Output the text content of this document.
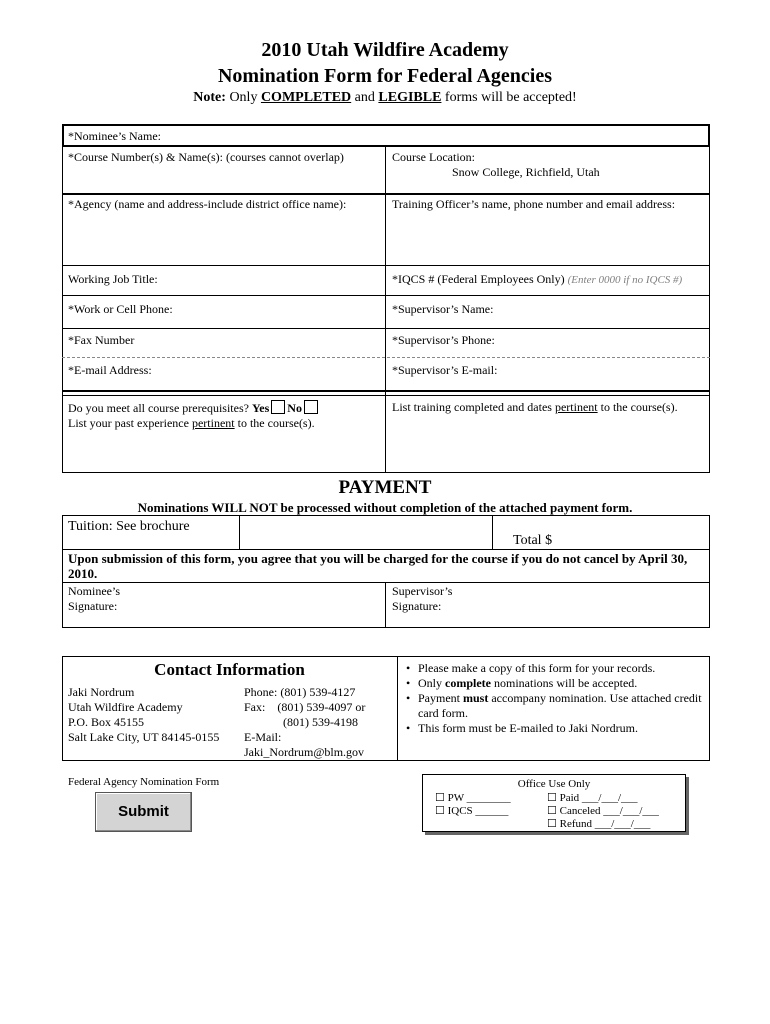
2010 Utah Wildfire Academy
Nomination Form for Federal Agencies
Note: Only COMPLETED and LEGIBLE forms will be accepted!
*Nominee’s Name:
*Course Number(s) & Name(s): (courses cannot overlap)	Course Location:
Snow College, Richfield, Utah
*Agency (name and address-include district office name):	Training Officer’s name, phone number and email address:
Working Job Title:	*IQCS # (Federal Employees Only) (Enter 0000 if no IQCS #)
*Work or Cell Phone:	*Supervisor’s Name:
*Fax Number	*Supervisor’s Phone:
*E-mail Address:	*Supervisor’s E-mail:
Do you meet all course prerequisites? Yes No
List your past experience pertinent to the course(s).
List training completed and dates pertinent to the course(s).
PAYMENT
Nominations WILL NOT be processed without completion of the attached payment form.
Tuition: See brochure
Total $
Upon submission of this form, you agree that you will be charged for the course if you do not cancel by April 30, 2010.
Nominee’s
Signature:
Supervisor’s
Signature:
Contact Information
Jaki Nordrum
Utah Wildfire Academy
P.O. Box 45155
Salt Lake City, UT 84145-0155
Phone: (801) 539-4127
Fax:    (801) 539-4097 or
(801) 539-4198
E-Mail:
Jaki_Nordrum@blm.gov
• Please make a copy of this form for your records.
• Only complete nominations will be accepted.
• Payment must accompany nomination. Use attached credit card form.
• This form must be E-mailed to Jaki Nordrum.
Federal Agency Nomination Form
Submit
Office Use Only
☐ PW ________
☐ IQCS ______
☐ Paid ___/___/___
☐ Canceled ___/___/___
☐ Refund ___/___/___
